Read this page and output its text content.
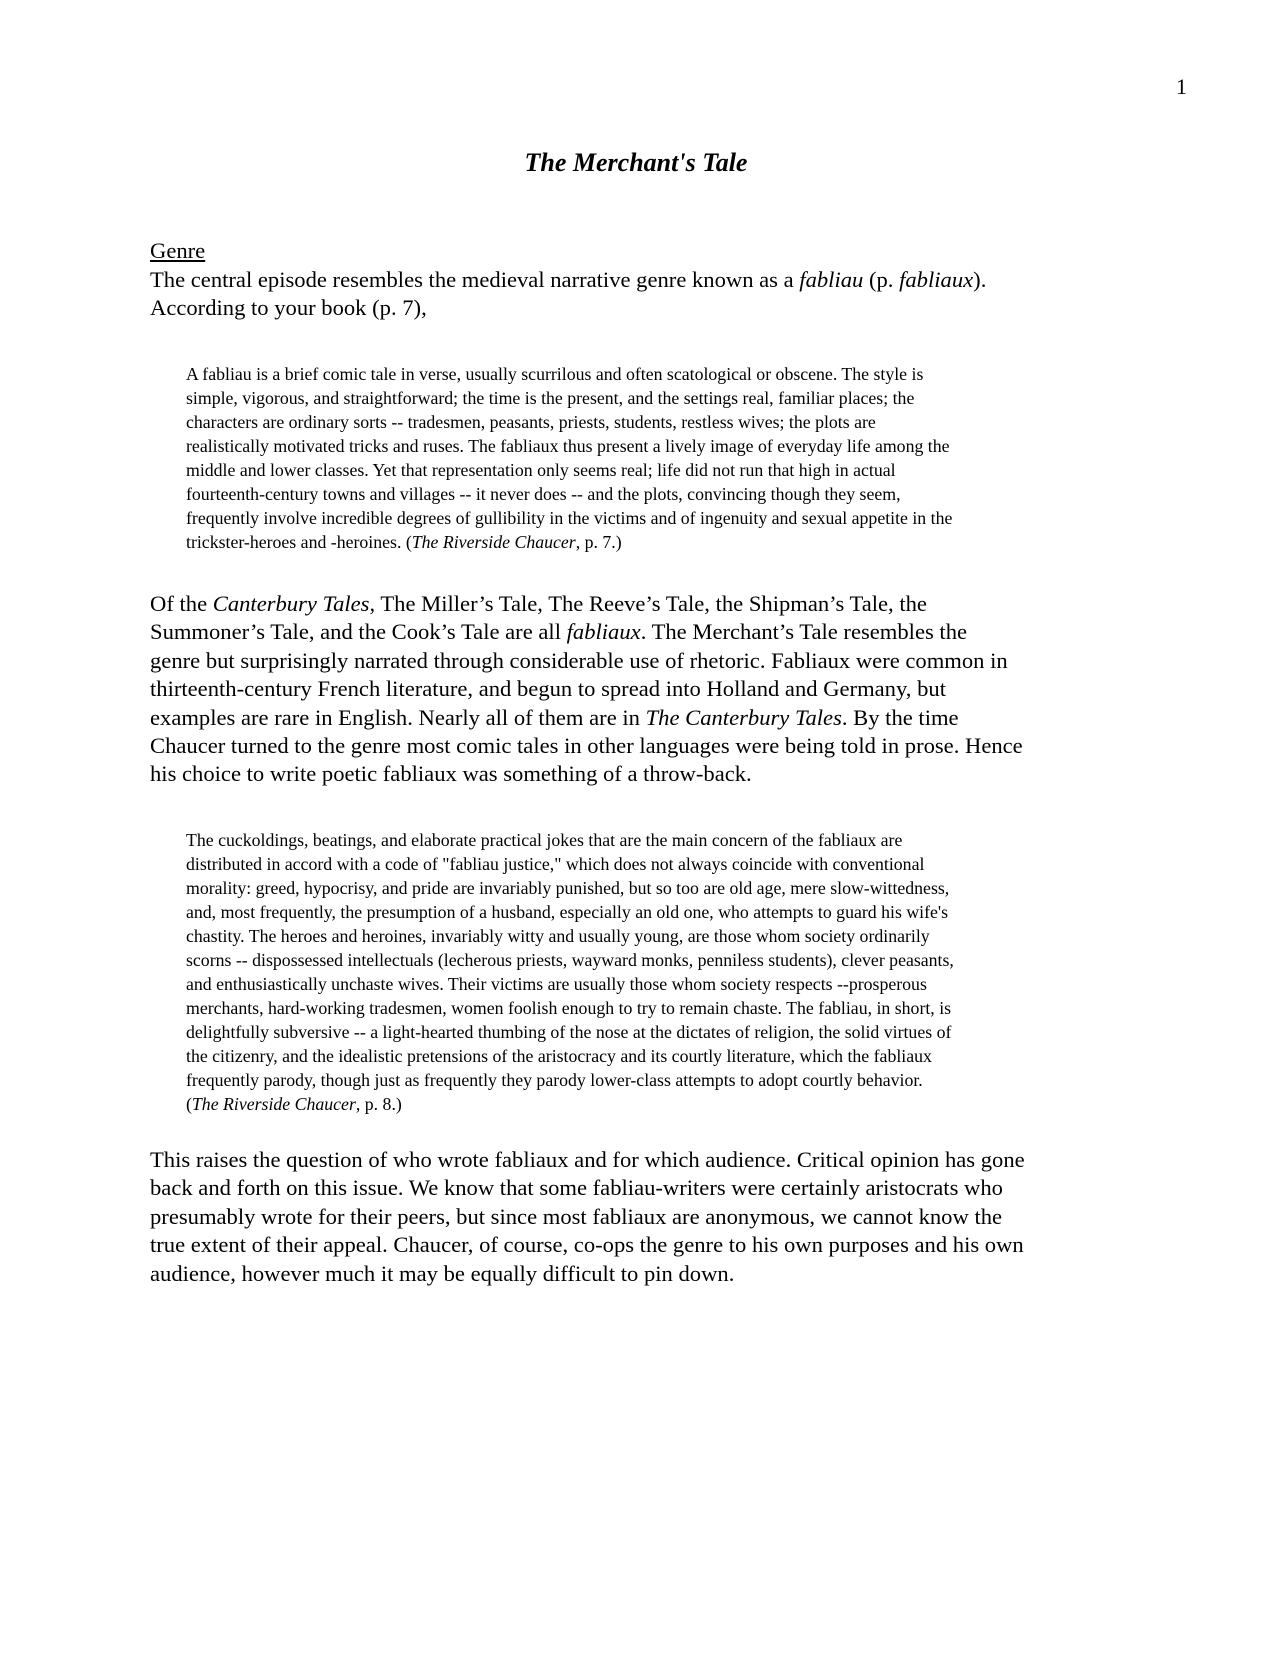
1
The Merchant's Tale
Genre

The central episode resembles the medieval narrative genre known as a fabliau (p. fabliaux).
According to your book (p. 7),

A fabliau is a brief comic tale in verse, usually scurrilous and often scatological or obscene. The style is
simple, vigorous, and straightforward; the time is the present, and the settings real, familiar places; the
characters are ordinary sorts -- tradesmen, peasants, priests, students, restless wives; the plots are
realistically motivated tricks and ruses. The fabliaux thus present a lively image of everyday life among the
middle and lower classes. Yet that representation only seems real; life did not run that high in actual
fourteenth-century towns and villages -- it never does -- and the plots, convincing though they seem,
frequently involve incredible degrees of gullibility in the victims and of ingenuity and sexual appetite in the
trickster-heroes and -heroines. (The Riverside Chaucer, p. 7.)

Of the Canterbury Tales, The Miller’s Tale, The Reeve’s Tale, the Shipman’s Tale, the
Summoner’s Tale, and the Cook’s Tale are all fabliaux. The Merchant’s Tale resembles the
genre but surprisingly narrated through considerable use of rhetoric. Fabliaux were common in
thirteenth-century French literature, and begun to spread into Holland and Germany, but
examples are rare in English. Nearly all of them are in The Canterbury Tales. By the time
Chaucer turned to the genre most comic tales in other languages were being told in prose. Hence
his choice to write poetic fabliaux was something of a throw-back.

The cuckoldings, beatings, and elaborate practical jokes that are the main concern of the fabliaux are
distributed in accord with a code of "fabliau justice," which does not always coincide with conventional
morality: greed, hypocrisy, and pride are invariably punished, but so too are old age, mere slow-wittedness,
and, most frequently, the presumption of a husband, especially an old one, who attempts to guard his wife's
chastity. The heroes and heroines, invariably witty and usually young, are those whom society ordinarily
scorns -- dispossessed intellectuals (lecherous priests, wayward monks, penniless students), clever peasants,
and enthusiastically unchaste wives. Their victims are usually those whom society respects --prosperous
merchants, hard-working tradesmen, women foolish enough to try to remain chaste. The fabliau, in short, is
delightfully subversive -- a light-hearted thumbing of the nose at the dictates of religion, the solid virtues of
the citizenry, and the idealistic pretensions of the aristocracy and its courtly literature, which the fabliaux
frequently parody, though just as frequently they parody lower-class attempts to adopt courtly behavior.
(The Riverside Chaucer, p. 8.)

This raises the question of who wrote fabliaux and for which audience. Critical opinion has gone
back and forth on this issue. We know that some fabliau-writers were certainly aristocrats who
presumably wrote for their peers, but since most fabliaux are anonymous, we cannot know the
true extent of their appeal. Chaucer, of course, co-ops the genre to his own purposes and his own
audience, however much it may be equally difficult to pin down.
